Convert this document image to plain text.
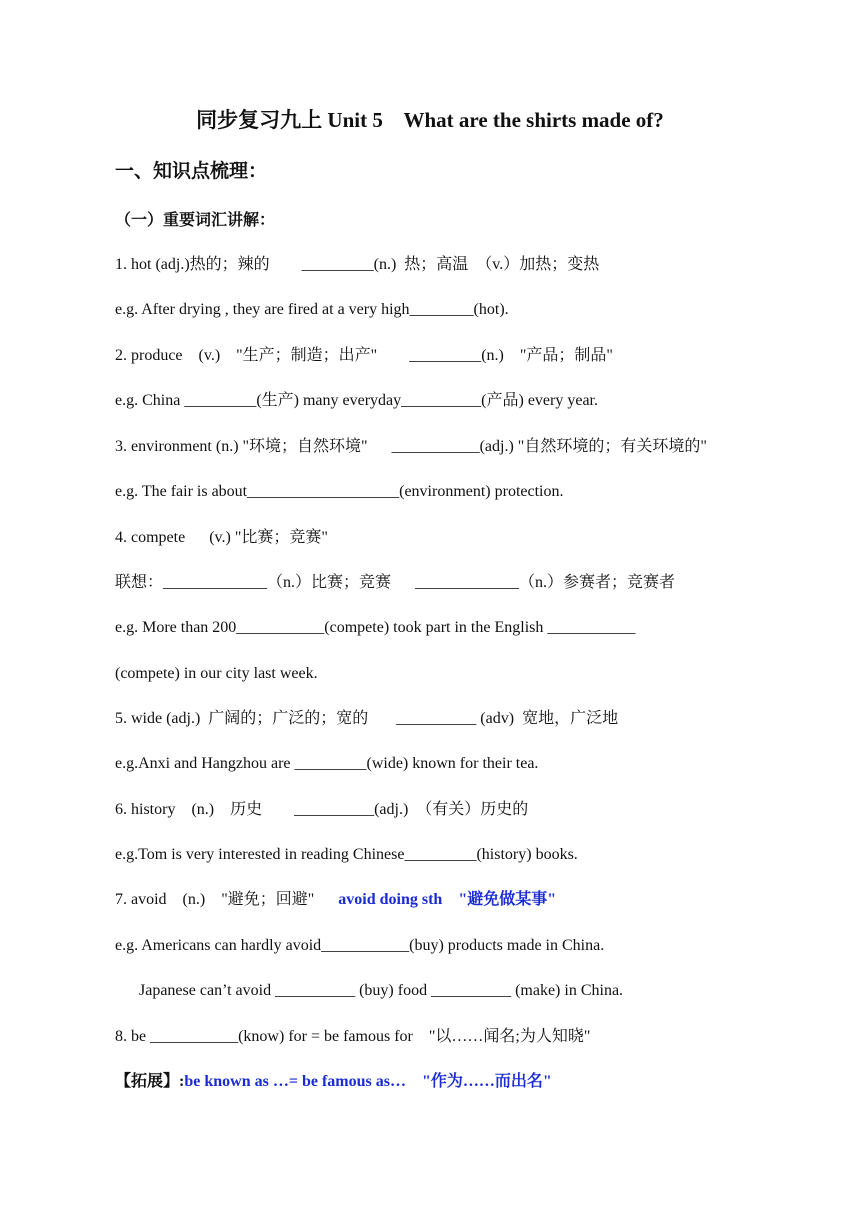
同步复习九上 Unit 5    What are the shirts made of?
一、知识点梳理：
（一）重要词汇讲解：
1. hot (adj.)热的；辣的        _________(n.)  热；高温  （v.）加热；变热
e.g. After drying , they are fired at a very high________(hot).
2. produce    (v.)    "生产；制造；出产"        _________(n.)    "产品；制品"
e.g. China _________(生产) many everyday__________(产品) every year.
3. environment (n.) "环境；自然环境"      ___________(adj.) "自然环境的；有关环境的"
e.g. The fair is about___________________(environment) protection.
4. compete      (v.) "比赛；竞赛"
联想：_____________（n.）比赛；竞赛      _____________（n.）参赛者；竞赛者
e.g. More than 200___________(compete) took part in the English ___________
(compete) in our city last week.
5. wide (adj.)  广阔的；广泛的；宽的       __________ (adv)  宽地，广泛地
e.g.Anxi and Hangzhou are _________(wide) known for their tea.
6. history    (n.)    历史        __________(adj.)  （有关）历史的
e.g.Tom is very interested in reading Chinese_________(history) books.
7. avoid    (n.)    "避免；回避"      avoid doing sth    "避免做某事"
e.g. Americans can hardly avoid___________(buy) products made in China.
Japanese can’t avoid __________ (buy) food __________ (make) in China.
8. be ___________(know) for = be famous for    "以……闻名;为人知晓"
【拓展】:be known as …= be famous as…    "作为……而出名"
